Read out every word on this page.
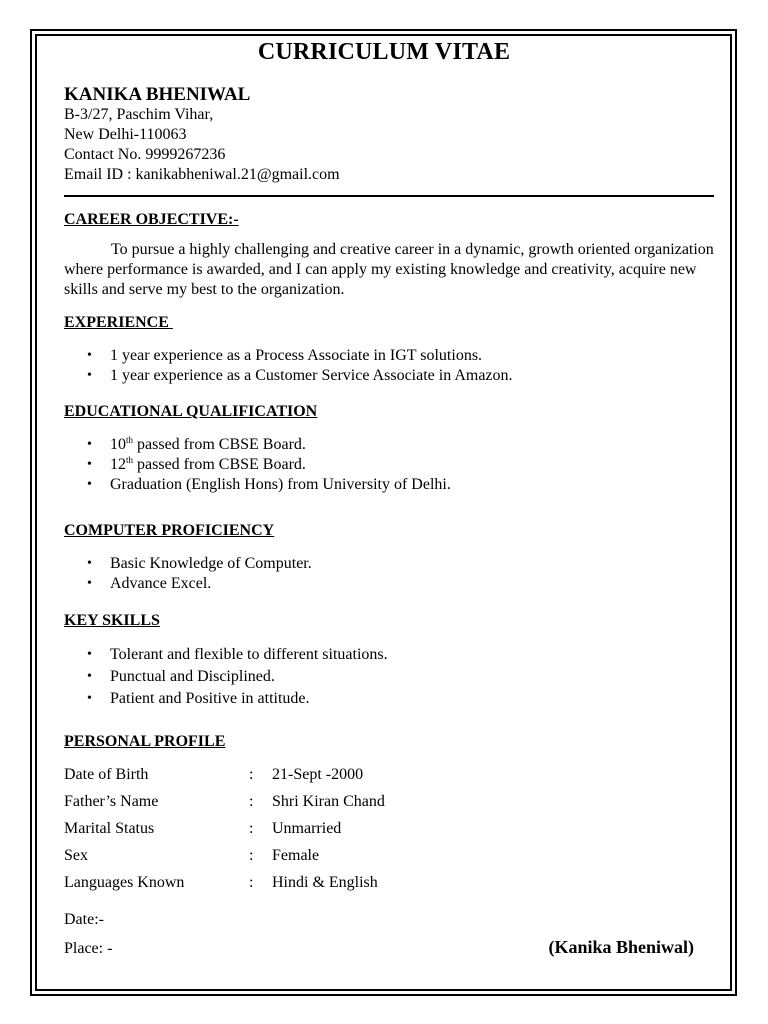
CURRICULUM VITAE
KANIKA BHENIWAL
B-3/27, Paschim Vihar,
New Delhi-110063
Contact No. 9999267236
Email ID : kanikabheniwal.21@gmail.com
CAREER OBJECTIVE:-
To pursue a highly challenging and creative career in a dynamic, growth oriented organization where performance is awarded, and I can apply my existing knowledge and creativity, acquire new skills and serve my best to the organization.
EXPERIENCE
• 1 year experience as a Process Associate in IGT solutions.
• 1 year experience as a Customer Service Associate in Amazon.
EDUCATIONAL QUALIFICATION
• 10th passed from CBSE Board.
• 12th passed from CBSE Board.
• Graduation (English Hons) from University of Delhi.
COMPUTER PROFICIENCY
• Basic Knowledge of Computer.
• Advance Excel.
KEY SKILLS
• Tolerant and flexible to different situations.
• Punctual and Disciplined.
• Patient and Positive in attitude.
PERSONAL PROFILE
Date of Birth	: 21-Sept -2000
Father’s Name	: Shri Kiran Chand
Marital Status	: Unmarried
Sex	: Female
Languages Known	: Hindi & English
Date:-
Place: -	(Kanika Bheniwal)
